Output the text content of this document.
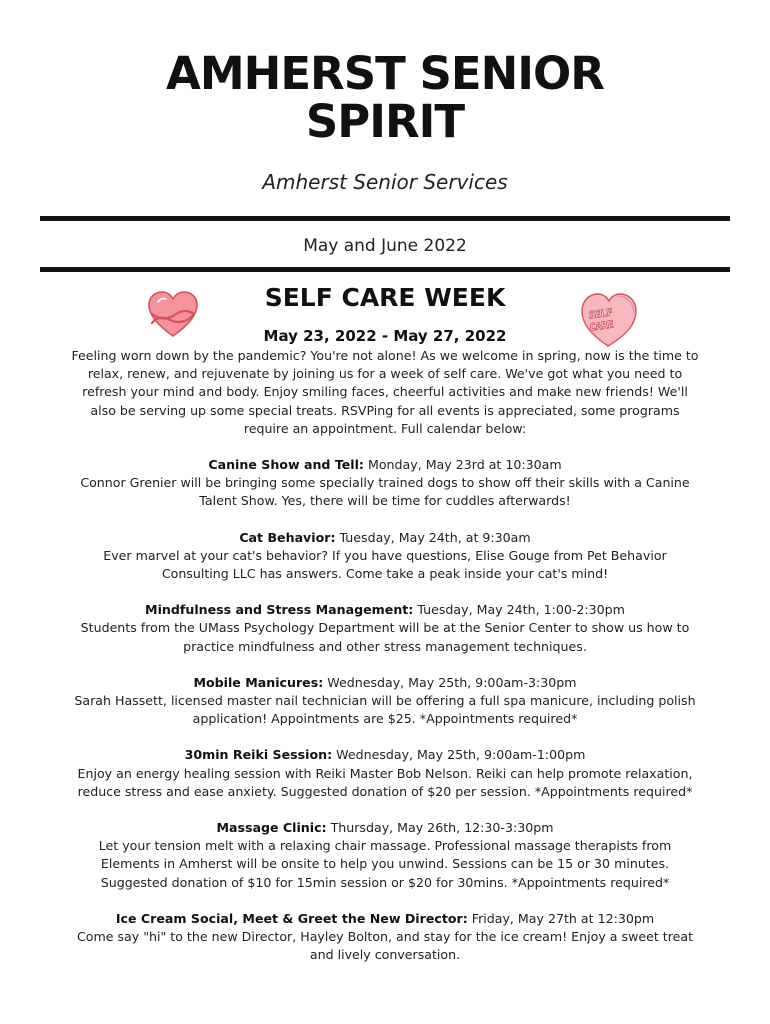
AMHERST SENIOR
SPIRIT
Amherst Senior Services
May and June 2022
SELF CARE WEEK
SELF
CARE
May 23, 2022 - May 27, 2022

Feeling worn down by the pandemic? You're not alone! As we welcome in spring, now is the time to relax, renew, and rejuvenate by joining us for a week of self care. We've got what you need to refresh your mind and body. Enjoy smiling faces, cheerful activities and make new friends! We'll also be serving up some special treats. RSVPing for all events is appreciated, some programs require an appointment. Full calendar below:

Canine Show and Tell: Monday, May 23rd at 10:30am
Connor Grenier will be bringing some specially trained dogs to show off their skills with a Canine Talent Show. Yes, there will be time for cuddles afterwards!

Cat Behavior: Tuesday, May 24th, at 9:30am
Ever marvel at your cat's behavior? If you have questions, Elise Gouge from Pet Behavior Consulting LLC has answers. Come take a peak inside your cat's mind!

Mindfulness and Stress Management: Tuesday, May 24th, 1:00-2:30pm
Students from the UMass Psychology Department will be at the Senior Center to show us how to practice mindfulness and other stress management techniques.

Mobile Manicures: Wednesday, May 25th, 9:00am-3:30pm
Sarah Hassett, licensed master nail technician will be offering a full spa manicure, including polish application! Appointments are $25. *Appointments required*

30min Reiki Session: Wednesday, May 25th, 9:00am-1:00pm
Enjoy an energy healing session with Reiki Master Bob Nelson. Reiki can help promote relaxation, reduce stress and ease anxiety. Suggested donation of $20 per session. *Appointments required*

Massage Clinic: Thursday, May 26th, 12:30-3:30pm
Let your tension melt with a relaxing chair massage. Professional massage therapists from Elements in Amherst will be onsite to help you unwind. Sessions can be 15 or 30 minutes. Suggested donation of $10 for 15min session or $20 for 30mins. *Appointments required*

Ice Cream Social, Meet & Greet the New Director: Friday, May 27th at 12:30pm
Come say "hi" to the new Director, Hayley Bolton, and stay for the ice cream! Enjoy a sweet treat and lively conversation.
